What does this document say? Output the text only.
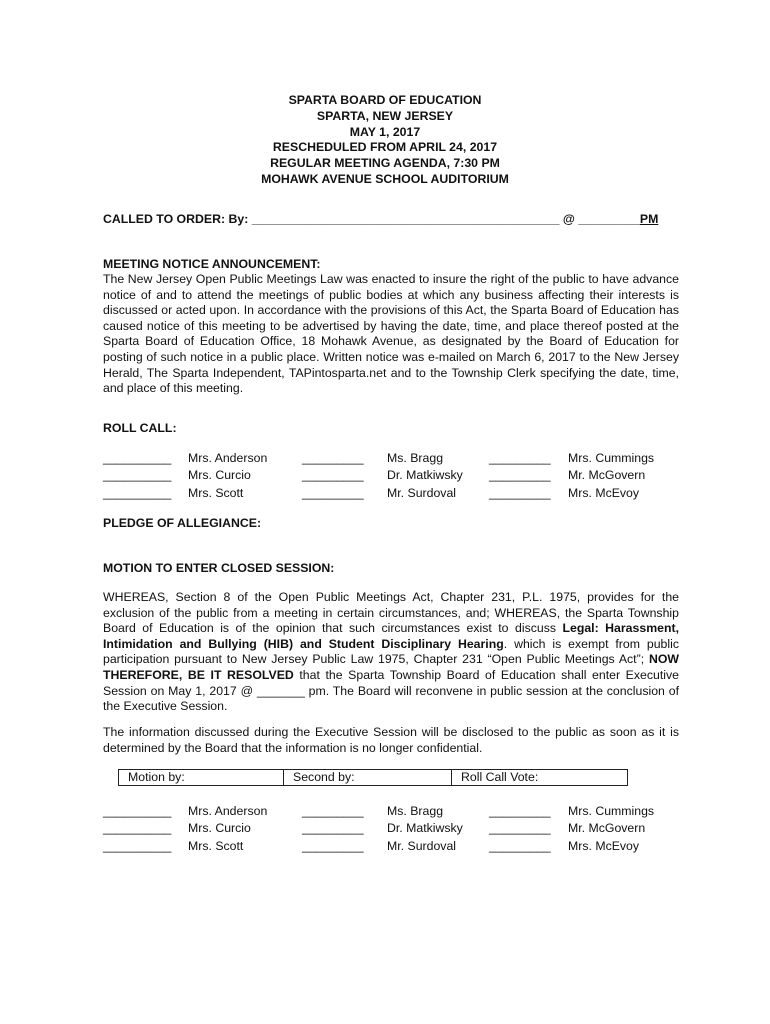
SPARTA BOARD OF EDUCATION
SPARTA, NEW JERSEY
MAY 1, 2017
RESCHEDULED FROM APRIL 24, 2017
REGULAR MEETING AGENDA, 7:30 PM
MOHAWK AVENUE SCHOOL AUDITORIUM
CALLED TO ORDER: By: _____________________________________________ @ _________PM
MEETING NOTICE ANNOUNCEMENT:
The New Jersey Open Public Meetings Law was enacted to insure the right of the public to have advance notice of and to attend the meetings of public bodies at which any business affecting their interests is discussed or acted upon. In accordance with the provisions of this Act, the Sparta Board of Education has caused notice of this meeting to be advertised by having the date, time, and place thereof posted at the Sparta Board of Education Office, 18 Mohawk Avenue, as designated by the Board of Education for posting of such notice in a public place. Written notice was e-mailed on March 6, 2017 to the New Jersey Herald, The Sparta Independent, TAPintosparta.net and to the Township Clerk specifying the date, time, and place of this meeting.
ROLL CALL:
__________ Mrs. Anderson	_________ Ms. Bragg	_________ Mrs. Cummings
__________ Mrs. Curcio	_________ Dr. Matkiwsky _________ Mr. McGovern
__________ Mrs. Scott	_________ Mr. Surdoval	_________ Mrs. McEvoy
PLEDGE OF ALLEGIANCE:
MOTION TO ENTER CLOSED SESSION:
WHEREAS, Section 8 of the Open Public Meetings Act, Chapter 231, P.L. 1975, provides for the exclusion of the public from a meeting in certain circumstances, and; WHEREAS, the Sparta Township Board of Education is of the opinion that such circumstances exist to discuss Legal: Harassment, Intimidation and Bullying (HIB) and Student Disciplinary Hearing. which is exempt from public participation pursuant to New Jersey Public Law 1975, Chapter 231 “Open Public Meetings Act”; NOW THEREFORE, BE IT RESOLVED that the Sparta Township Board of Education shall enter Executive Session on May 1, 2017 @ _______ pm. The Board will reconvene in public session at the conclusion of the Executive Session.
The information discussed during the Executive Session will be disclosed to the public as soon as it is determined by the Board that the information is no longer confidential.
Motion by:	Second by:	Roll Call Vote:
__________ Mrs. Anderson	_________ Ms. Bragg	_________ Mrs. Cummings
__________ Mrs. Curcio	_________ Dr. Matkiwsky _________ Mr. McGovern
__________ Mrs. Scott	_________ Mr. Surdoval	_________ Mrs. McEvoy
